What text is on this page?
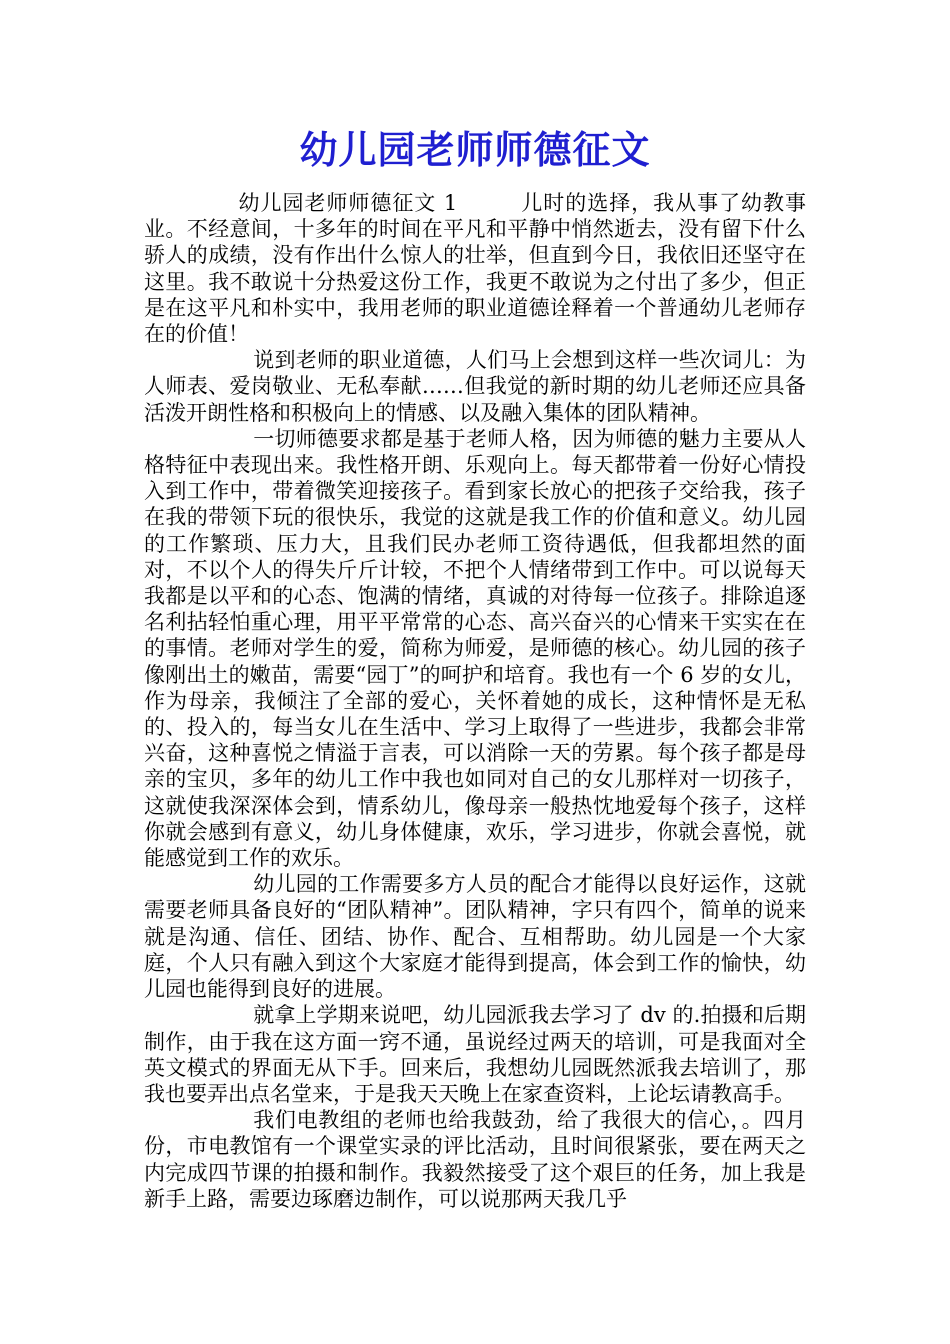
幼儿园老师师德征文

幼儿园老师师德征文 1	儿时的选择，我从事了幼教事业。不经意间，十多年的时间在平凡和平静中悄然逝去，没有留下什么骄人的成绩，没有作出什么惊人的壮举，但直到今日，我依旧还坚守在这里。我不敢说十分热爱这份工作，我更不敢说为之付出了多少，但正是在这平凡和朴实中，我用老师的职业道德诠释着一个普通幼儿老师存在的价值！

说到老师的职业道德，人们马上会想到这样一些次词儿：为人师表、爱岗敬业、无私奉献……但我觉的新时期的幼儿老师还应具备活泼开朗性格和积极向上的情感、以及融入集体的团队精神。

一切师德要求都是基于老师人格，因为师德的魅力主要从人格特征中表现出来。我性格开朗、乐观向上。每天都带着一份好心情投入到工作中，带着微笑迎接孩子。看到家长放心的把孩子交给我，孩子在我的带领下玩的很快乐，我觉的这就是我工作的价值和意义。幼儿园的工作繁琐、压力大，且我们民办老师工资待遇低，但我都坦然的面对，不以个人的得失斤斤计较，不把个人情绪带到工作中。可以说每天我都是以平和的心态、饱满的情绪，真诚的对待每一位孩子。排除追逐名利拈轻怕重心理，用平平常常的心态、高兴奋兴的心情来干实实在在的事情。老师对学生的爱，简称为师爱，是师德的核心。幼儿园的孩子像刚出土的嫩苗，需要“园丁”的呵护和培育。我也有一个 6 岁的女儿，作为母亲，我倾注了全部的爱心，关怀着她的成长，这种情怀是无私的、投入的，每当女儿在生活中、学习上取得了一些进步，我都会非常兴奋，这种喜悦之情溢于言表，可以消除一天的劳累。每个孩子都是母亲的宝贝，多年的幼儿工作中我也如同对自己的女儿那样对一切孩子，这就使我深深体会到，情系幼儿，像母亲一般热忱地爱每个孩子，这样你就会感到有意义，幼儿身体健康，欢乐，学习进步，你就会喜悦，就能感觉到工作的欢乐。

幼儿园的工作需要多方人员的配合才能得以良好运作，这就需要老师具备良好的“团队精神”。团队精神，字只有四个，简单的说来就是沟通、信任、团结、协作、配合、互相帮助。幼儿园是一个大家庭，个人只有融入到这个大家庭才能得到提高，体会到工作的愉快，幼儿园也能得到良好的进展。

就拿上学期来说吧，幼儿园派我去学习了 dv 的.拍摄和后期制作，由于我在这方面一窍不通，虽说经过两天的培训，可是我面对全英文模式的界面无从下手。回来后，我想幼儿园既然派我去培训了，那我也要弄出点名堂来，于是我天天晚上在家查资料，上论坛请教高手。

我们电教组的老师也给我鼓劲，给了我很大的信心，。四月份，市电教馆有一个课堂实录的评比活动，且时间很紧张，要在两天之内完成四节课的拍摄和制作。我毅然接受了这个艰巨的任务，加上我是新手上路，需要边琢磨边制作，可以说那两天我几乎
